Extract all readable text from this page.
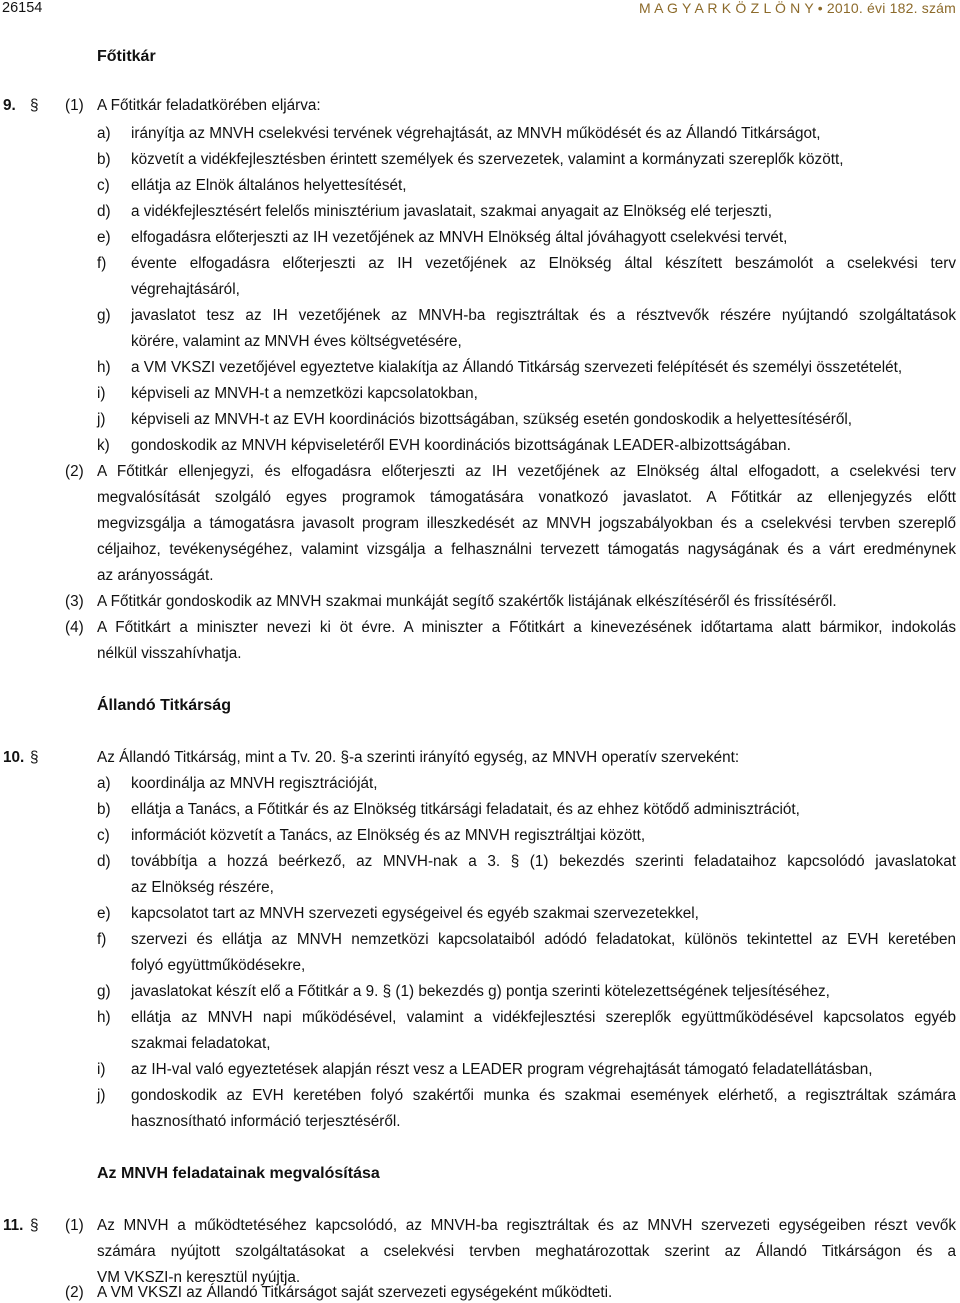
26154	M A G Y A R K Ö Z L Ö N Y • 2010. évi 182. szám
Főtitkár
9. § (1) A Főtitkár feladatkörében eljárva:
a) irányítja az MNVH cselekvési tervének végrehajtását, az MNVH működését és az Állandó Titkárságot,
b) közvetít a vidékfejlesztésben érintett személyek és szervezetek, valamint a kormányzati szereplők között,
c) ellátja az Elnök általános helyettesítését,
d) a vidékfejlesztésért felelős minisztérium javaslatait, szakmai anyagait az Elnökség elé terjeszti,
e) elfogadásra előterjeszti az IH vezetőjének az MNVH Elnökség által jóváhagyott cselekvési tervét,
f) évente elfogadásra előterjeszti az IH vezetőjének az Elnökség által készített beszámolót a cselekvési terv
végrehajtásáról,
g) javaslatot tesz az IH vezetőjének az MNVH-ba regisztráltak és a résztvevők részére nyújtandó szolgáltatások
körére, valamint az MNVH éves költségvetésére,
h) a VM VKSZI vezetőjével egyeztetve kialakítja az Állandó Titkárság szervezeti felépítését és személyi összetételét,
i) képviseli az MNVH-t a nemzetközi kapcsolatokban,
j) képviseli az MNVH-t az EVH koordinációs bizottságában, szükség esetén gondoskodik a helyettesítéséről,
k) gondoskodik az MNVH képviseletéről EVH koordinációs bizottságának LEADER-albizottságában.
(2) A Főtitkár ellenjegyzi, és elfogadásra előterjeszti az IH vezetőjének az Elnökség által elfogadott, a cselekvési terv
megvalósítását szolgáló egyes programok támogatására vonatkozó javaslatot. A Főtitkár az ellenjegyzés előtt
megvizsgálja a támogatásra javasolt program illeszkedését az MNVH jogszabályokban és a cselekvési tervben szereplő
céljaihoz, tevékenységéhez, valamint vizsgálja a felhasználni tervezett támogatás nagyságának és a várt eredménynek
az arányosságát.
(3) A Főtitkár gondoskodik az MNVH szakmai munkáját segítő szakértők listájának elkészítéséről és frissítéséről.
(4) A Főtitkárt a miniszter nevezi ki öt évre. A miniszter a Főtitkárt a kinevezésének időtartama alatt bármikor, indokolás
nélkül visszahívhatja.
Állandó Titkárság
10. §	Az Állandó Titkárság, mint a Tv. 20. §-a szerinti irányító egység, az MNVH operatív szerveként:
a) koordinálja az MNVH regisztrációját,
b) ellátja a Tanács, a Főtitkár és az Elnökség titkársági feladatait, és az ehhez kötődő adminisztrációt,
c) információt közvetít a Tanács, az Elnökség és az MNVH regisztráltjai között,
d) továbbítja a hozzá beérkező, az MNVH-nak a 3. § (1) bekezdés szerinti feladataihoz kapcsolódó javaslatokat
az Elnökség részére,
e) kapcsolatot tart az MNVH szervezeti egységeivel és egyéb szakmai szervezetekkel,
f) szervezi és ellátja az MNVH nemzetközi kapcsolataiból adódó feladatokat, különös tekintettel az EVH keretében
folyó együttműködésekre,
g) javaslatokat készít elő a Főtitkár a 9. § (1) bekezdés g) pontja szerinti kötelezettségének teljesítéséhez,
h) ellátja az MNVH napi működésével, valamint a vidékfejlesztési szereplők együttműködésével kapcsolatos egyéb
szakmai feladatokat,
i) az IH-val való egyeztetések alapján részt vesz a LEADER program végrehajtását támogató feladatellátásban,
j) gondoskodik az EVH keretében folyó szakértői munka és szakmai események elérhető, a regisztráltak számára
hasznosítható információ terjesztéséről.
Az MNVH feladatainak megvalósítása
11. § (1) Az MNVH a működtetéséhez kapcsolódó, az MNVH-ba regisztráltak és az MNVH szervezeti egységeiben részt vevők
számára nyújtott szolgáltatásokat a cselekvési tervben meghatározottak szerint az Állandó Titkárságon és a
VM VKSZI-n keresztül nyújtja.
(2) A VM VKSZI az Állandó Titkárságot saját szervezeti egységeként működteti.
